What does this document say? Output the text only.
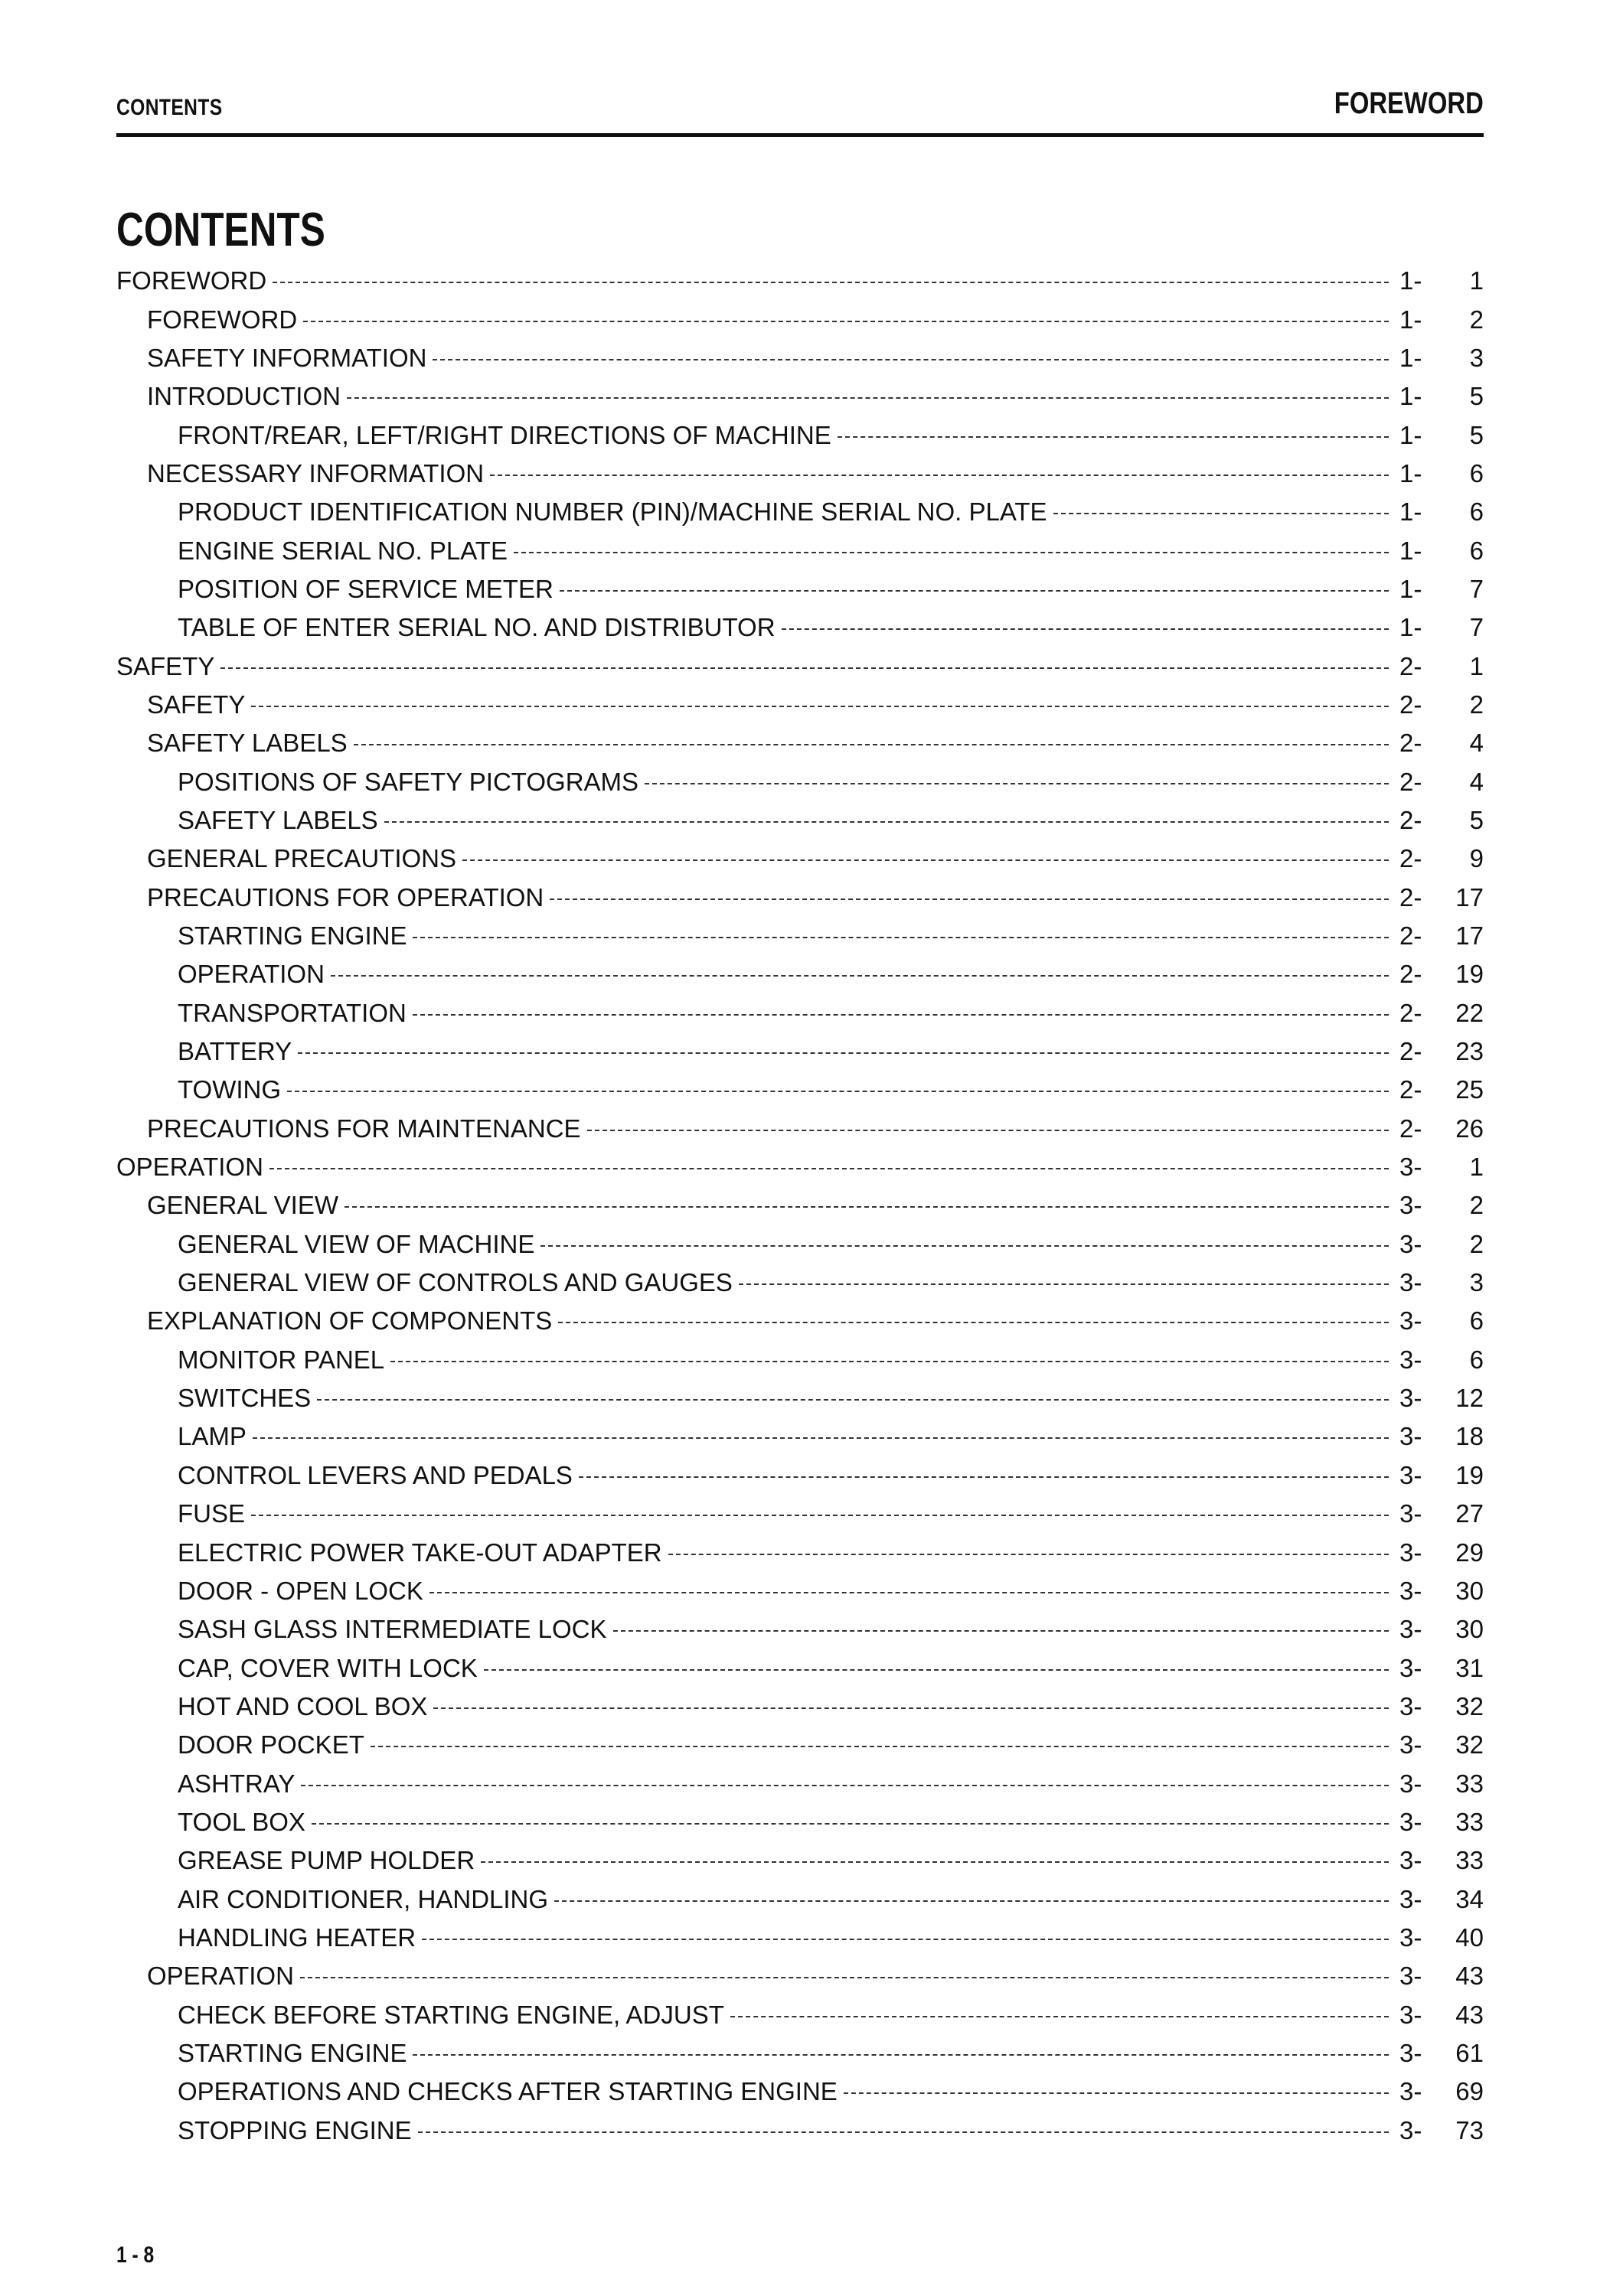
CONTENTS	FOREWORD
CONTENTS
FOREWORD	1-	1
FOREWORD	1-	2
SAFETY INFORMATION	1-	3
INTRODUCTION	1-	5
FRONT/REAR, LEFT/RIGHT DIRECTIONS OF MACHINE	1-	5
NECESSARY INFORMATION	1-	6
PRODUCT IDENTIFICATION NUMBER (PIN)/MACHINE SERIAL NO. PLATE	1-	6
ENGINE SERIAL NO. PLATE	1-	6
POSITION OF SERVICE METER	1-	7
TABLE OF ENTER SERIAL NO. AND DISTRIBUTOR	1-	7
SAFETY	2-	1
SAFETY	2-	2
SAFETY LABELS	2-	4
POSITIONS OF SAFETY PICTOGRAMS	2-	4
SAFETY LABELS	2-	5
GENERAL PRECAUTIONS	2-	9
PRECAUTIONS FOR OPERATION	2-	17
STARTING ENGINE	2-	17
OPERATION	2-	19
TRANSPORTATION	2-	22
BATTERY	2-	23
TOWING	2-	25
PRECAUTIONS FOR MAINTENANCE	2-	26
OPERATION	3-	1
GENERAL VIEW	3-	2
GENERAL VIEW OF MACHINE	3-	2
GENERAL VIEW OF CONTROLS AND GAUGES	3-	3
EXPLANATION OF COMPONENTS	3-	6
MONITOR PANEL	3-	6
SWITCHES	3-	12
LAMP	3-	18
CONTROL LEVERS AND PEDALS	3-	19
FUSE	3-	27
ELECTRIC POWER TAKE-OUT ADAPTER	3-	29
DOOR - OPEN LOCK	3-	30
SASH GLASS INTERMEDIATE LOCK	3-	30
CAP, COVER WITH LOCK	3-	31
HOT AND COOL BOX	3-	32
DOOR POCKET	3-	32
ASHTRAY	3-	33
TOOL BOX	3-	33
GREASE PUMP HOLDER	3-	33
AIR CONDITIONER, HANDLING	3-	34
HANDLING HEATER	3-	40
OPERATION	3-	43
CHECK BEFORE STARTING ENGINE, ADJUST	3-	43
STARTING ENGINE	3-	61
OPERATIONS AND CHECKS AFTER STARTING ENGINE	3-	69
STOPPING ENGINE	3-	73
1 - 8
